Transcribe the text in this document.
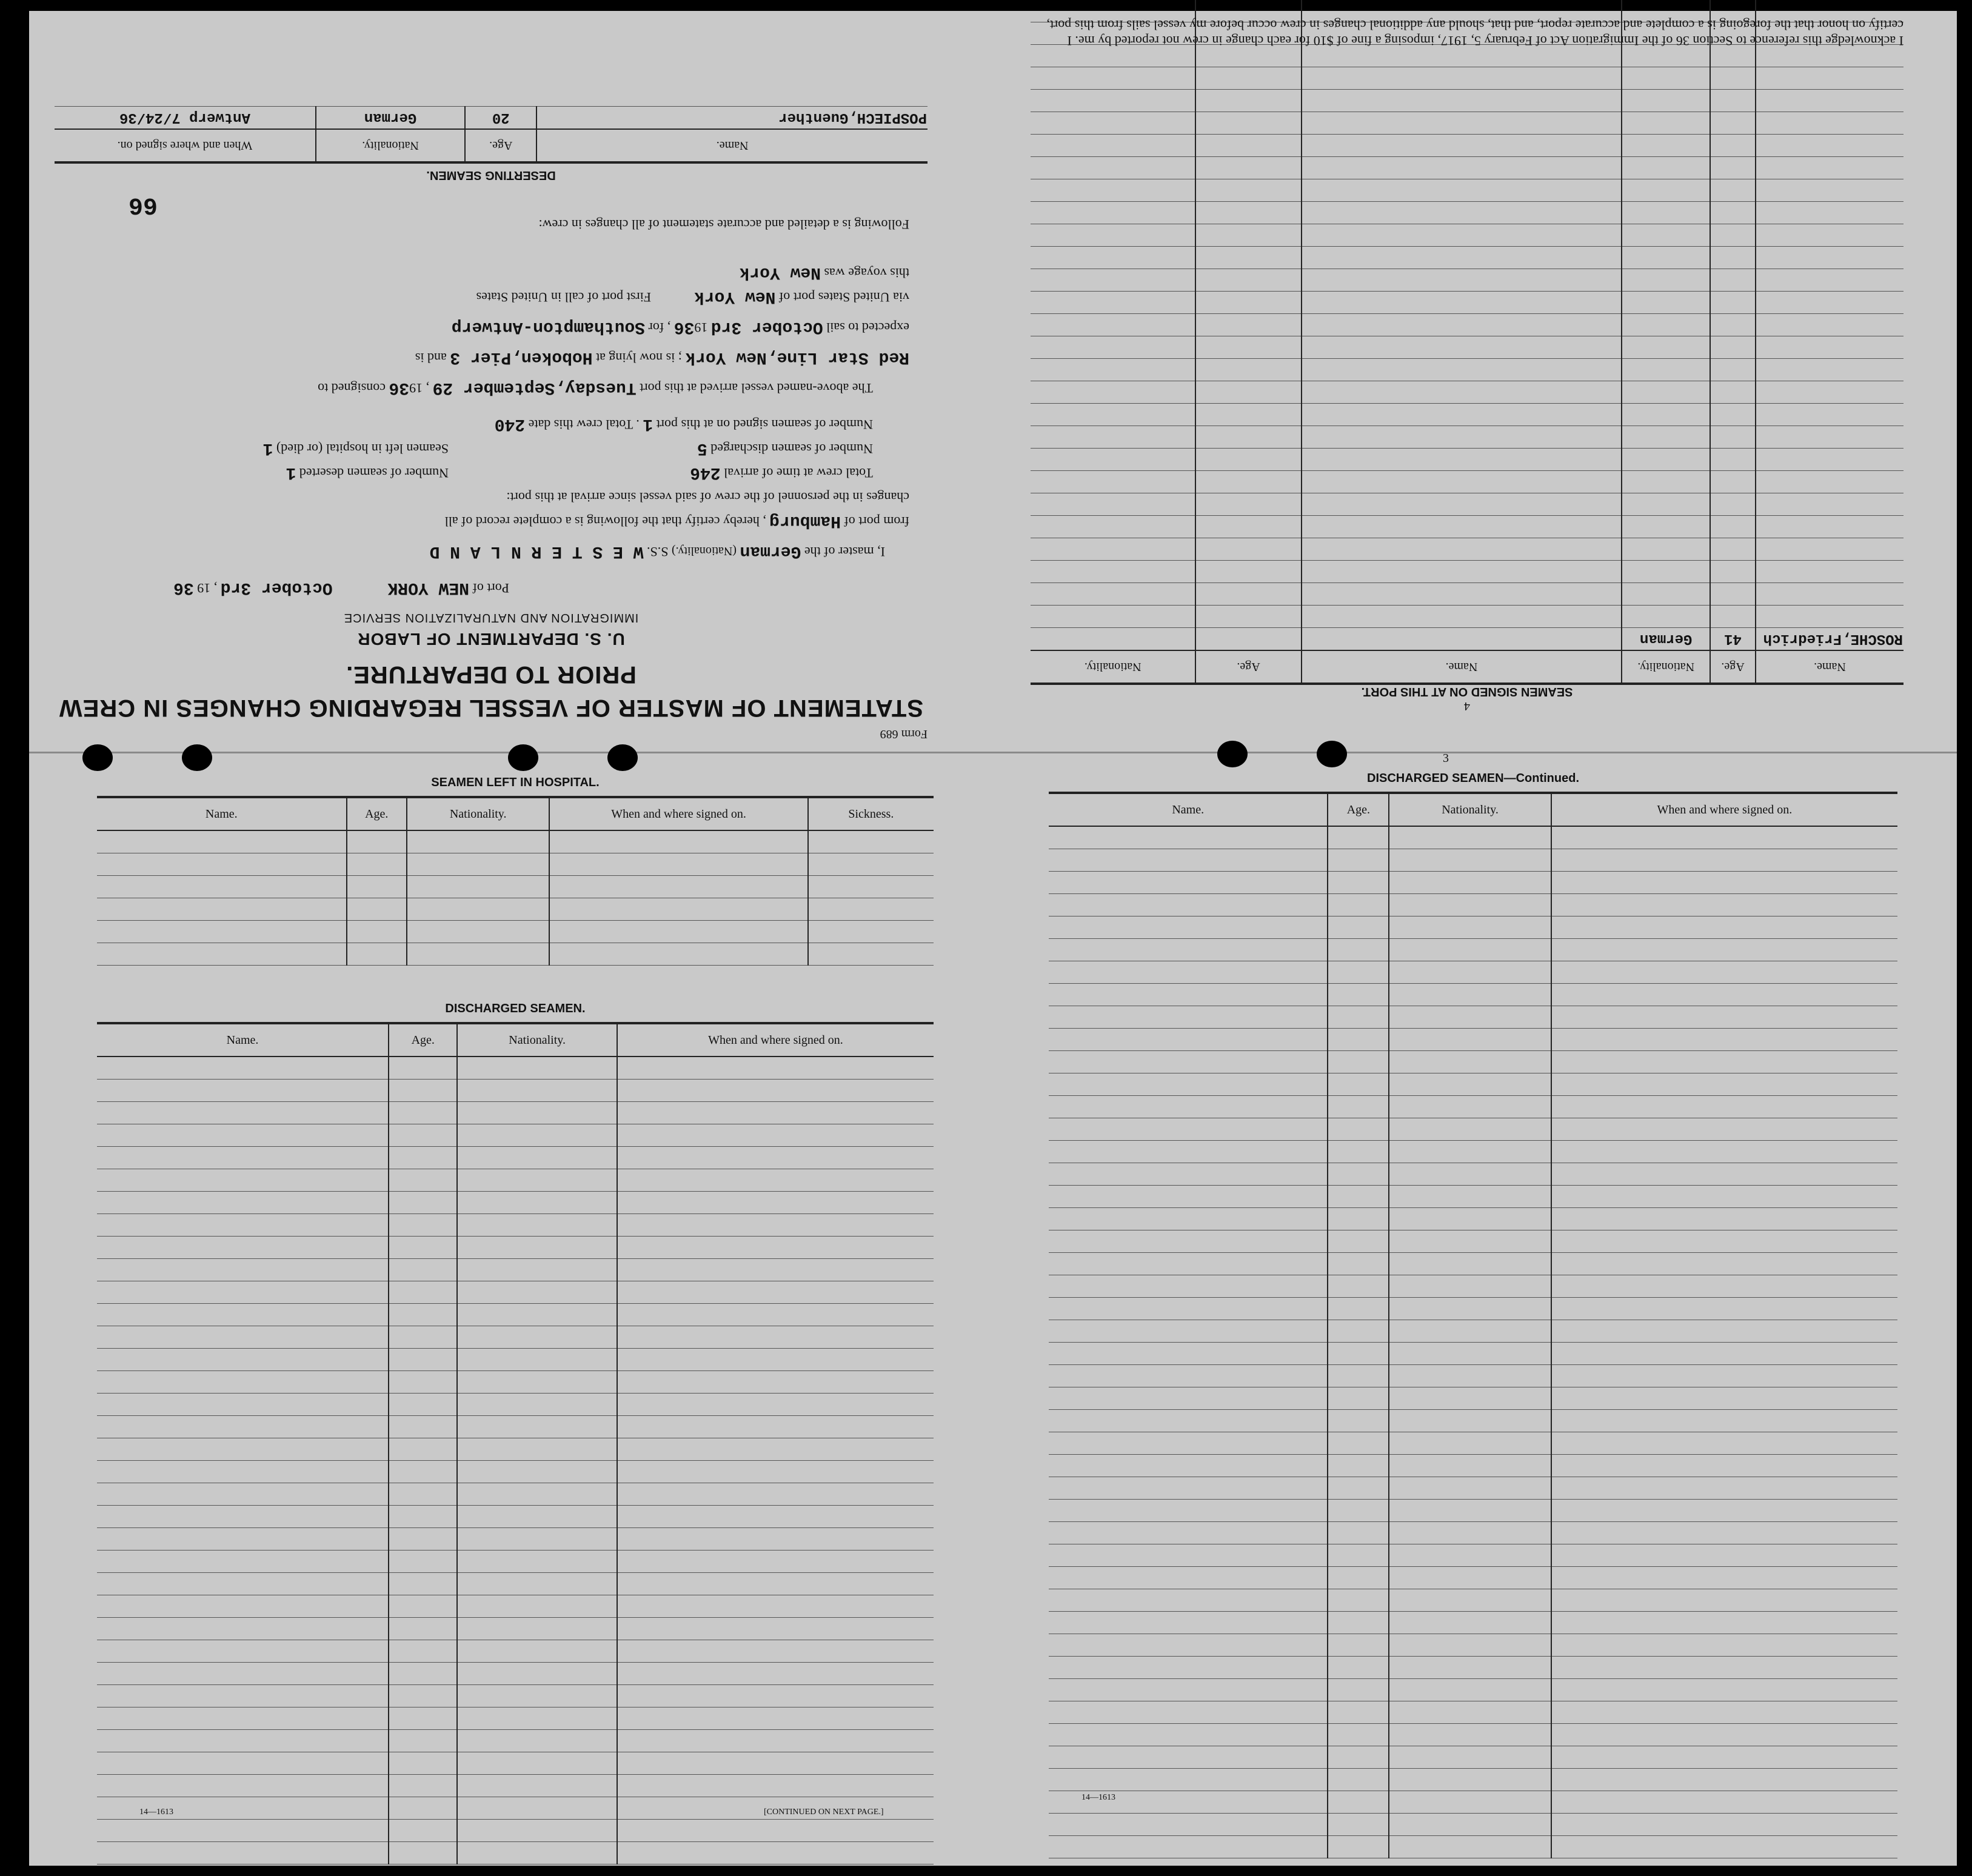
Form 689
STATEMENT OF MASTER OF VESSEL REGARDING CHANGES IN CREW
PRIOR TO DEPARTURE.
U. S. DEPARTMENT OF LABOR
IMMIGRATION AND NATURALIZATION SERVICE
Port of NEW YORK  October 3rd , 19 36
I, master of the German (Nationality.) S.S. W E S T E R N L A N D
from port of Hamburg , hereby certify that the following is a complete record of all
changes in the personnel of the crew of said vessel since arrival at this port:
Total crew at time of arrival 246
Number of seamen deserted 1
Number of seamen discharged 5
Seamen left in hospital (or died) 1
Number of seamen signed on at this port 1 . Total crew this date 240
The above-named vessel arrived at this port Tuesday,September 29 , 1936 consigned to
Red Star Line,New York ; is now lying at Hoboken,Pier 3 and is
expected to sail October 3rd 1936 , for Southampton-Antwerp
via United States port of New York  First port of call in United States
this voyage was New York
Following is a detailed and accurate statement of all changes in crew:
66
DESERTING SEAMEN.
Name.	Age.	Nationality.	When and where signed on.
POSPIECH,Guenther	20	German	Antwerp 7/24/36
4
SEAMEN SIGNED ON AT THIS PORT.
Name.	Age.	Nationality.	Name.	Age.	Nationality.
ROSCHE,Friedrich	41	German			

I acknowledge this reference to Section 36 of the Immigration Act of February 5, 1917, imposing a fine of $10 for each change in crew not reported by me. I certify on honor that the foregoing is a complete and accurate report, and that, should any additional changes in crew occur before my vessel sails from this port,
SEAMEN LEFT IN HOSPITAL.
Name.	Age.	Nationality.	When and where signed on.	Sickness.

DISCHARGED SEAMEN.
Name.	Age.	Nationality.	When and where signed on.

14—1613	[CONTINUED ON NEXT PAGE.]
3
DISCHARGED SEAMEN—Continued.
Name.	Age.	Nationality.	When and where signed on.

14—1613
